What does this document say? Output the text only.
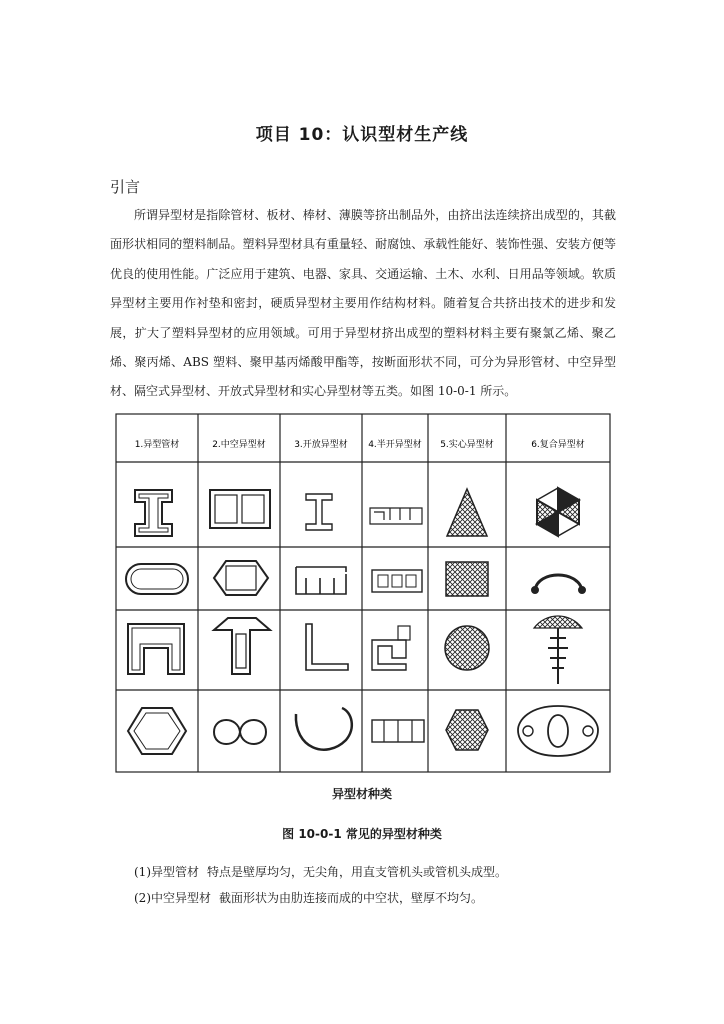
项目 10：认识型材生产线
引言

所谓异型材是指除管材、板材、棒材、薄膜等挤出制品外，由挤出法连续挤出成型的，其截面形状相同的塑料制品。塑料异型材具有重量轻、耐腐蚀、承载性能好、装饰性强、安装方便等优良的使用性能。广泛应用于建筑、电器、家具、交通运输、土木、水利、日用品等领域。软质异型材主要用作衬垫和密封，硬质异型材主要用作结构材料。随着复合共挤出技术的进步和发展，扩大了塑料异型材的应用领域。可用于异型材挤出成型的塑料材料主要有聚氯乙烯、聚乙烯、聚丙烯、ABS 塑料、聚甲基丙烯酸甲酯等，按断面形状不同，可分为异形管材、中空异型材、隔空式异型材、开放式异型材和实心异型材等五类。如图 10-0-1 所示。

1.异型管材	2.中空异型材	3.开放异型材 4.半开异型材 5.实心异型材	6.复合异型材
异型材种类
图 10-0-1 常见的异型材种类
(1)异型管材 特点是壁厚均匀，无尖角，用直支管机头或管机头成型。
(2)中空异型材 截面形状为由肋连接而成的中空状，壁厚不均匀。
